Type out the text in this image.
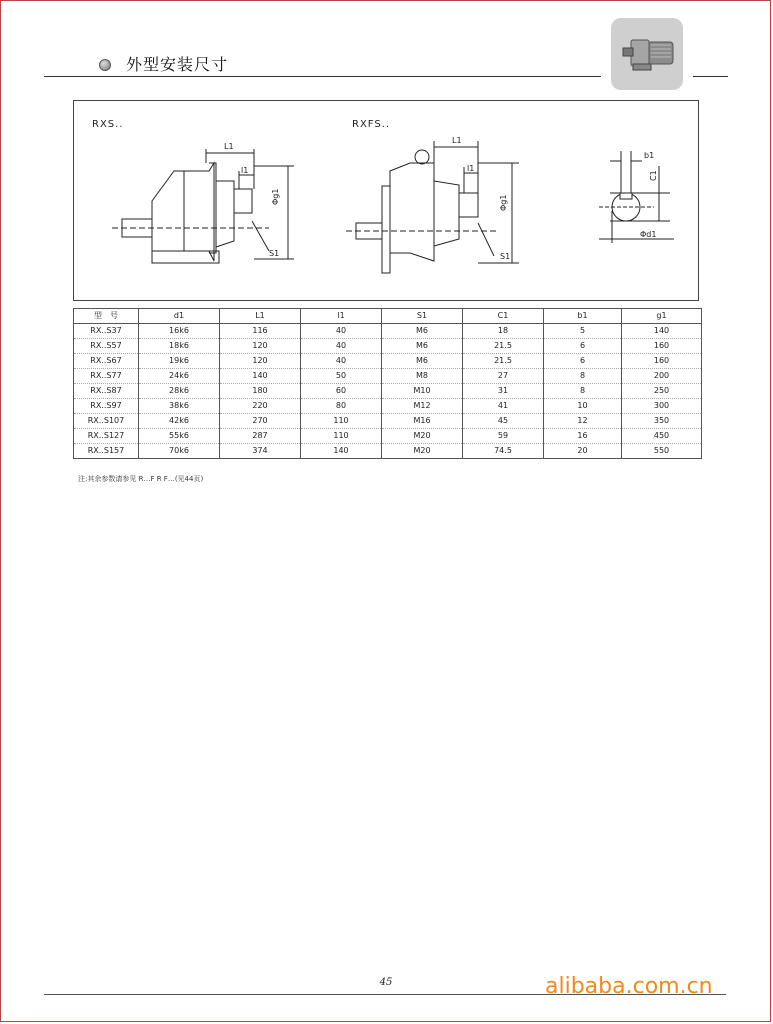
外型安装尺寸
RXS..	RXFS..
L1
l1
Φg1
S1
L1
l1
Φg1
S1
b1
C1
Φd1
型　号	d1	L1	l1	S1	C1	b1	g1
RX..S37	16k6	116	40	M6	18	5	140
RX..S57	18k6	120	40	M6	21.5	6	160
RX..S67	19k6	120	40	M6	21.5	6	160
RX..S77	24k6	140	50	M8	27	8	200
RX..S87	28k6	180	60	M10	31	8	250
RX..S97	38k6	220	80	M12	41	10	300
RX..S107	42k6	270	110	M16	45	12	350
RX..S127	55k6	287	110	M20	59	16	450
RX..S157	70k6	374	140	M20	74.5	20	550
注:其余参数请参见 R…F R F…(见44页)
45	alibaba.com.cn
